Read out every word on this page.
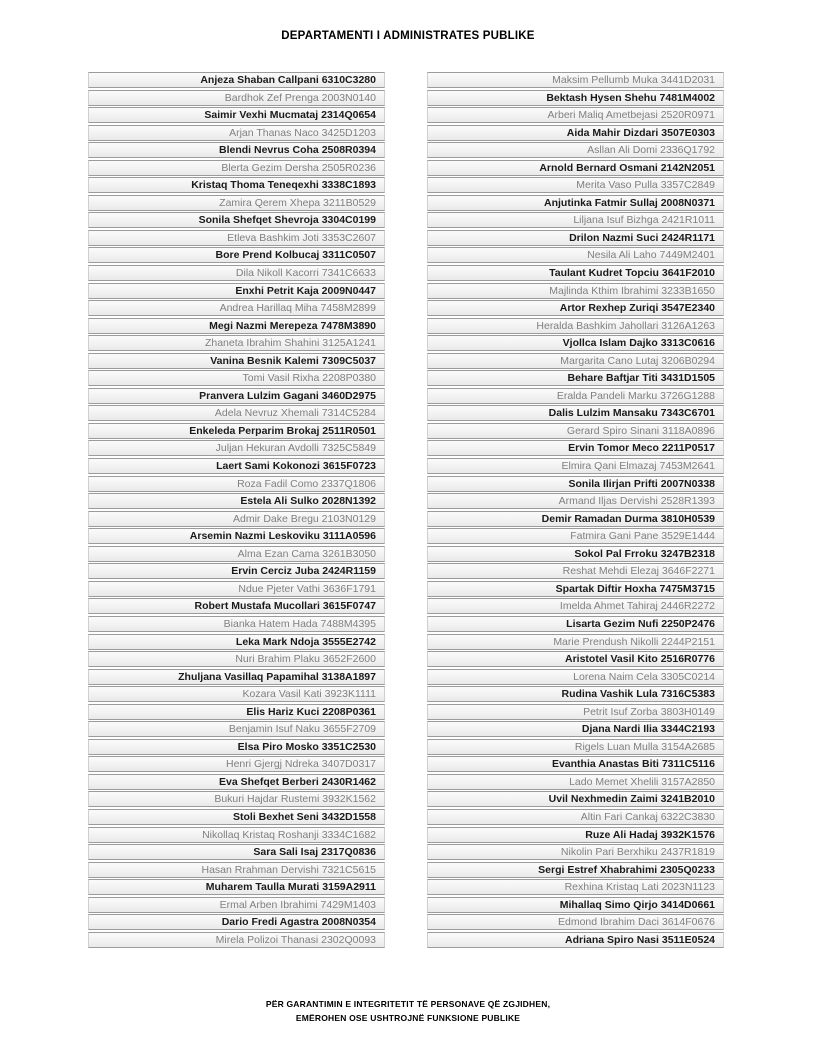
DEPARTAMENTI I ADMINISTRATES PUBLIKE
Anjeza Shaban Callpani 6310C3280
Bardhok Zef Prenga 2003N0140
Saimir Vexhi Mucmataj 2314Q0654
Arjan Thanas Naco 3425D1203
Blendi Nevrus Coha 2508R0394
Blerta Gezim Dersha 2505R0236
Kristaq Thoma Teneqexhi 3338C1893
Zamira Qerem Xhepa 3211B0529
Sonila Shefqet Shevroja 3304C0199
Etleva Bashkim Joti 3353C2607
Bore Prend Kolbucaj 3311C0507
Dila Nikoll Kacorri 7341C6633
Enxhi Petrit Kaja 2009N0447
Andrea Harillaq Miha 7458M2899
Megi Nazmi Merepeza 7478M3890
Zhaneta Ibrahim Shahini 3125A1241
Vanina Besnik Kalemi 7309C5037
Tomi Vasil Rixha 2208P0380
Pranvera Lulzim Gagani 3460D2975
Adela Nevruz Xhemali 7314C5284
Enkeleda Perparim Brokaj 2511R0501
Juljan Hekuran Avdolli 7325C5849
Laert Sami Kokonozi 3615F0723
Roza Fadil Como 2337Q1806
Estela Ali Sulko 2028N1392
Admir Dake Bregu 2103N0129
Arsemin Nazmi Leskoviku 3111A0596
Alma Ezan Cama 3261B3050
Ervin Cerciz Juba 2424R1159
Ndue Pjeter Vathi 3636F1791
Robert Mustafa Mucollari 3615F0747
Bianka Hatem Hada 7488M4395
Leka Mark Ndoja 3555E2742
Nuri Brahim Plaku 3652F2600
Zhuljana Vasillaq Papamihal 3138A1897
Kozara Vasil Kati 3923K1111
Elis Hariz Kuci 2208P0361
Benjamin Isuf Naku 3655F2709
Elsa Piro Mosko 3351C2530
Henri Gjergj Ndreka 3407D0317
Eva Shefqet Berberi 2430R1462
Bukuri Hajdar Rustemi 3932K1562
Stoli Bexhet Seni 3432D1558
Nikollaq Kristaq Roshanji 3334C1682
Sara Sali Isaj 2317Q0836
Hasan Rrahman Dervishi 7321C5615
Muharem Taulla Murati 3159A2911
Ermal Arben Ibrahimi 7429M1403
Dario Fredi Agastra 2008N0354
Mirela Polizoi Thanasi 2302Q0093
Maksim Pellumb Muka 3441D2031
Bektash Hysen Shehu 7481M4002
Arberi Maliq Ametbejasi 2520R0971
Aida Mahir Dizdari 3507E0303
Asllan Ali Domi 2336Q1792
Arnold Bernard Osmani 2142N2051
Merita Vaso Pulla 3357C2849
Anjutinka Fatmir Sullaj 2008N0371
Liljana Isuf Bizhga 2421R1011
Drilon Nazmi Suci 2424R1171
Nesila Ali Laho 7449M2401
Taulant Kudret Topciu 3641F2010
Majlinda Kthim Ibrahimi 3233B1650
Artor Rexhep Zuriqi 3547E2340
Heralda Bashkim Jahollari 3126A1263
Vjollca Islam Dajko 3313C0616
Margarita Cano Lutaj 3206B0294
Behare Baftjar Titi 3431D1505
Eralda Pandeli Marku 3726G1288
Dalis Lulzim Mansaku 7343C6701
Gerard Spiro Sinani 3118A0896
Ervin Tomor Meco 2211P0517
Elmira Qani Elmazaj 7453M2641
Sonila Ilirjan Prifti 2007N0338
Armand Iljas Dervishi 2528R1393
Demir Ramadan Durma 3810H0539
Fatmira Gani Pane 3529E1444
Sokol Pal Frroku 3247B2318
Reshat Mehdi Elezaj 3646F2271
Spartak Diftir Hoxha 7475M3715
Imelda Ahmet Tahiraj 2446R2272
Lisarta Gezim Nufi 2250P2476
Marie Prendush Nikolli 2244P2151
Aristotel Vasil Kito 2516R0776
Lorena Naim Cela 3305C0214
Rudina Vashik Lula 7316C5383
Petrit Isuf Zorba 3803H0149
Djana Nardi Ilia 3344C2193
Rigels Luan Mulla 3154A2685
Evanthia Anastas Biti 7311C5116
Lado Memet Xhelili 3157A2850
Uvil Nexhmedin Zaimi 3241B2010
Altin Fari Cankaj 6322C3830
Ruze Ali Hadaj 3932K1576
Nikolin Pari Berxhiku 2437R1819
Sergi Estref Xhabrahimi 2305Q0233
Rexhina Kristaq Lati 2023N1123
Mihallaq Simo Qirjo 3414D0661
Edmond Ibrahim Daci 3614F0676
Adriana Spiro Nasi 3511E0524
PËR GARANTIMIN E INTEGRITETIT TË PERSONAVE QË ZGJIDHEN,
EMËROHEN OSE USHTROJNË FUNKSIONE PUBLIKE
